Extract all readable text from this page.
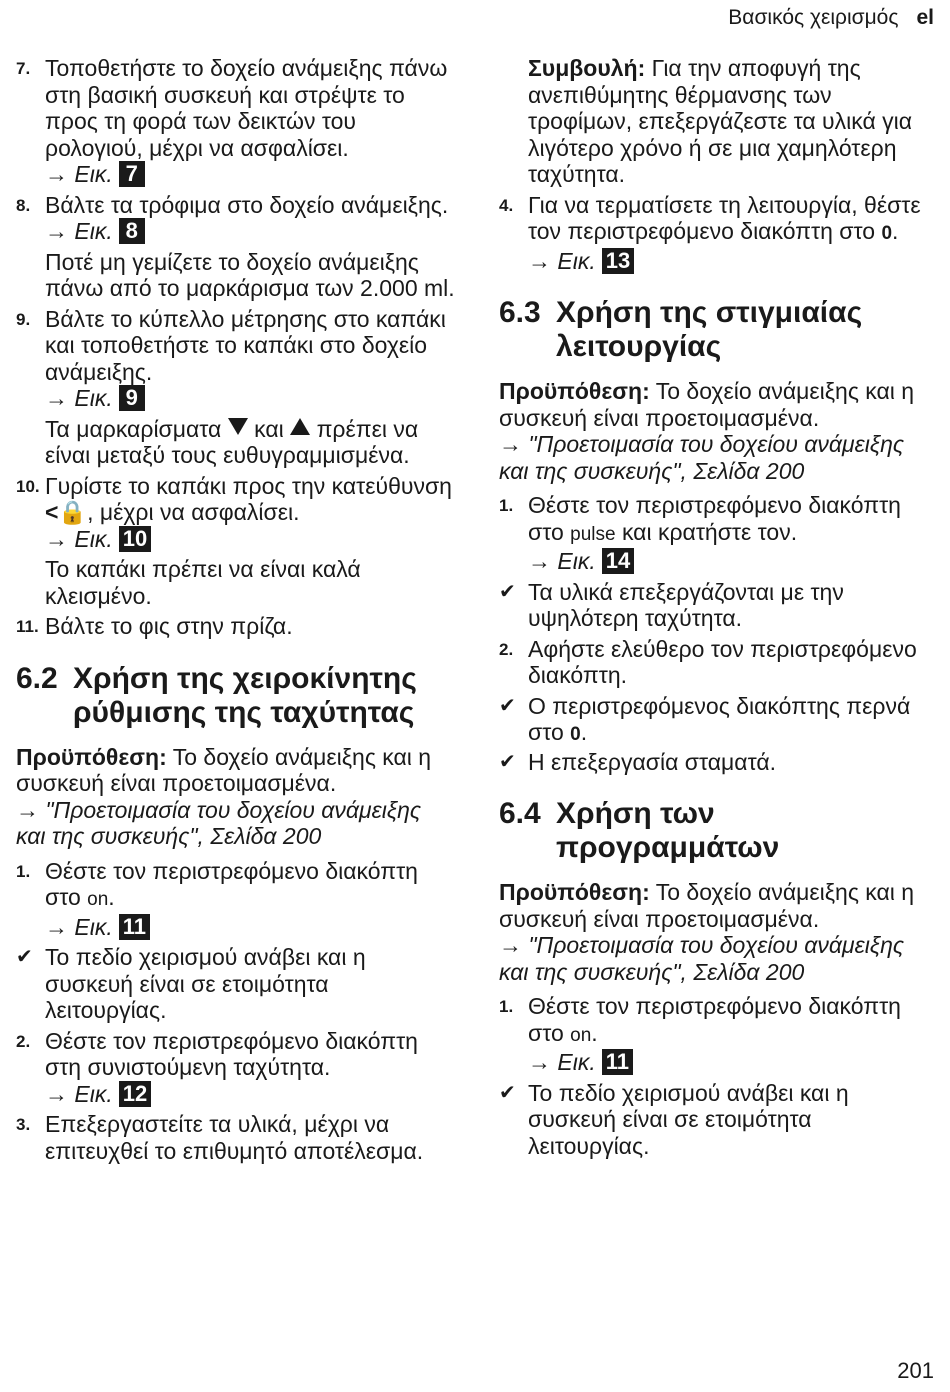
Βασικός χειρισμός el
7. Τοποθετήστε το δοχείο ανάμειξης πάνω στη βασική συσκευή και στρέψτε το προς τη φορά των δεικτών του ρολογιού, μέχρι να ασφαλίσει.
→ Εικ. 7
8. Βάλτε τα τρόφιμα στο δοχείο ανάμειξης.
→ Εικ. 8
Ποτέ μη γεμίζετε το δοχείο ανάμειξης πάνω από το μαρκάρισμα των 2.000 ml.
9. Βάλτε το κύπελλο μέτρησης στο καπάκι και τοποθετήστε το καπάκι στο δοχείο ανάμειξης.
→ Εικ. 9
Τα μαρκαρίσματα και πρέπει να είναι μεταξύ τους ευθυγραμμισμένα.
10. Γυρίστε το καπάκι προς την κατεύθυνση <🔒, μέχρι να ασφαλίσει.
→ Εικ. 10
Το καπάκι πρέπει να είναι καλά κλεισμένο.
11. Βάλτε το φις στην πρίζα.
6.2 Χρήση της χειροκίνητης ρύθμισης της ταχύτητας
Προϋπόθεση: Το δοχείο ανάμειξης και η συσκευή είναι προετοιμασμένα.
→ "Προετοιμασία του δοχείου ανάμειξης και της συσκευής", Σελίδα 200
1. Θέστε τον περιστρεφόμενο διακόπτη στο on.
→ Εικ. 11
✔ Το πεδίο χειρισμού ανάβει και η συσκευή είναι σε ετοιμότητα λειτουργίας.
2. Θέστε τον περιστρεφόμενο διακόπτη στη συνιστούμενη ταχύτητα.
→ Εικ. 12
3. Επεξεργαστείτε τα υλικά, μέχρι να επιτευχθεί το επιθυμητό αποτέλεσμα.
Συμβουλή: Για την αποφυγή της ανεπιθύμητης θέρμανσης των τροφίμων, επεξεργάζεστε τα υλικά για λιγότερο χρόνο ή σε μια χαμηλότερη ταχύτητα.
4. Για να τερματίσετε τη λειτουργία, θέστε τον περιστρεφόμενο διακόπτη στο 0.
→ Εικ. 13
6.3 Χρήση της στιγμιαίας λειτουργίας
Προϋπόθεση: Το δοχείο ανάμειξης και η συσκευή είναι προετοιμασμένα.
→ "Προετοιμασία του δοχείου ανάμειξης και της συσκευής", Σελίδα 200
1. Θέστε τον περιστρεφόμενο διακόπτη στο pulse και κρατήστε τον.
→ Εικ. 14
✔ Τα υλικά επεξεργάζονται με την υψηλότερη ταχύτητα.
2. Αφήστε ελεύθερο τον περιστρεφόμενο διακόπτη.
✔ Ο περιστρεφόμενος διακόπτης περνά στο 0.
✔ Η επεξεργασία σταματά.
6.4 Χρήση των προγραμμάτων
Προϋπόθεση: Το δοχείο ανάμειξης και η συσκευή είναι προετοιμασμένα.
→ "Προετοιμασία του δοχείου ανάμειξης και της συσκευής", Σελίδα 200
1. Θέστε τον περιστρεφόμενο διακόπτη στο on.
→ Εικ. 11
✔ Το πεδίο χειρισμού ανάβει και η συσκευή είναι σε ετοιμότητα λειτουργίας.
201
